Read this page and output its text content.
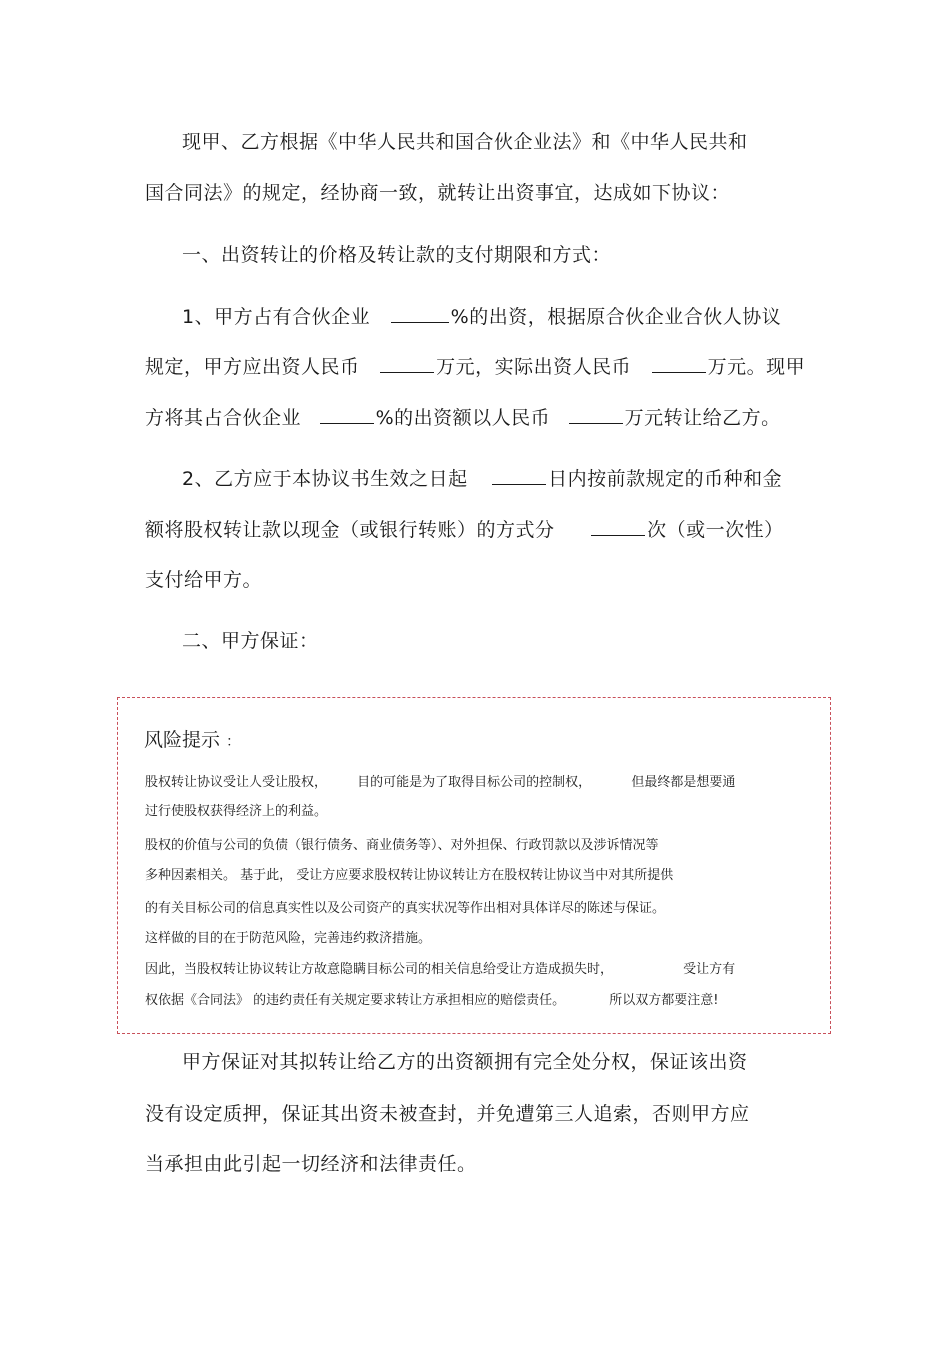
现甲、乙方根据《中华人民共和国合伙企业法》和《中华人民共和
国合同法》的规定，经协商一致，就转让出资事宜，达成如下协议：
一、出资转让的价格及转让款的支付期限和方式：
1、甲方占有合伙企业	%的出资，根据原合伙企业合伙人协议
规定，甲方应出资人民币	万元，实际出资人民币	万元。现甲
方将其占合伙企业	%的出资额以人民币	万元转让给乙方。
2、乙方应于本协议书生效之日起	日内按前款规定的币种和金
额将股权转让款以现金（或银行转账）的方式分	次（或一次性）
支付给甲方。
二、甲方保证：
风险提示 ：
股权转让协议受让人受让股权， 目的可能是为了取得目标公司的控制权，	但最终都是想要通
过行使股权获得经济上的利益。
股权的价值与公司的负债（银行债务、商业债务等）、对外担保、行政罚款以及涉诉情况等
多种因素相关。 基于此， 受让方应要求股权转让协议转让方在股权转让协议当中对其所提供
的有关目标公司的信息真实性以及公司资产的真实状况等作出相对具体详尽的陈述与保证。
这样做的目的在于防范风险，完善违约救济措施。
因此，当股权转让协议转让方故意隐瞒目标公司的相关信息给受让方造成损失时，	受让方有
权依据《合同法》 的违约责任有关规定要求转让方承担相应的赔偿责任。	所以双方都要注意!
甲方保证对其拟转让给乙方的出资额拥有完全处分权，保证该出资
没有设定质押，保证其出资未被查封，并免遭第三人追索，否则甲方应
当承担由此引起一切经济和法律责任。
